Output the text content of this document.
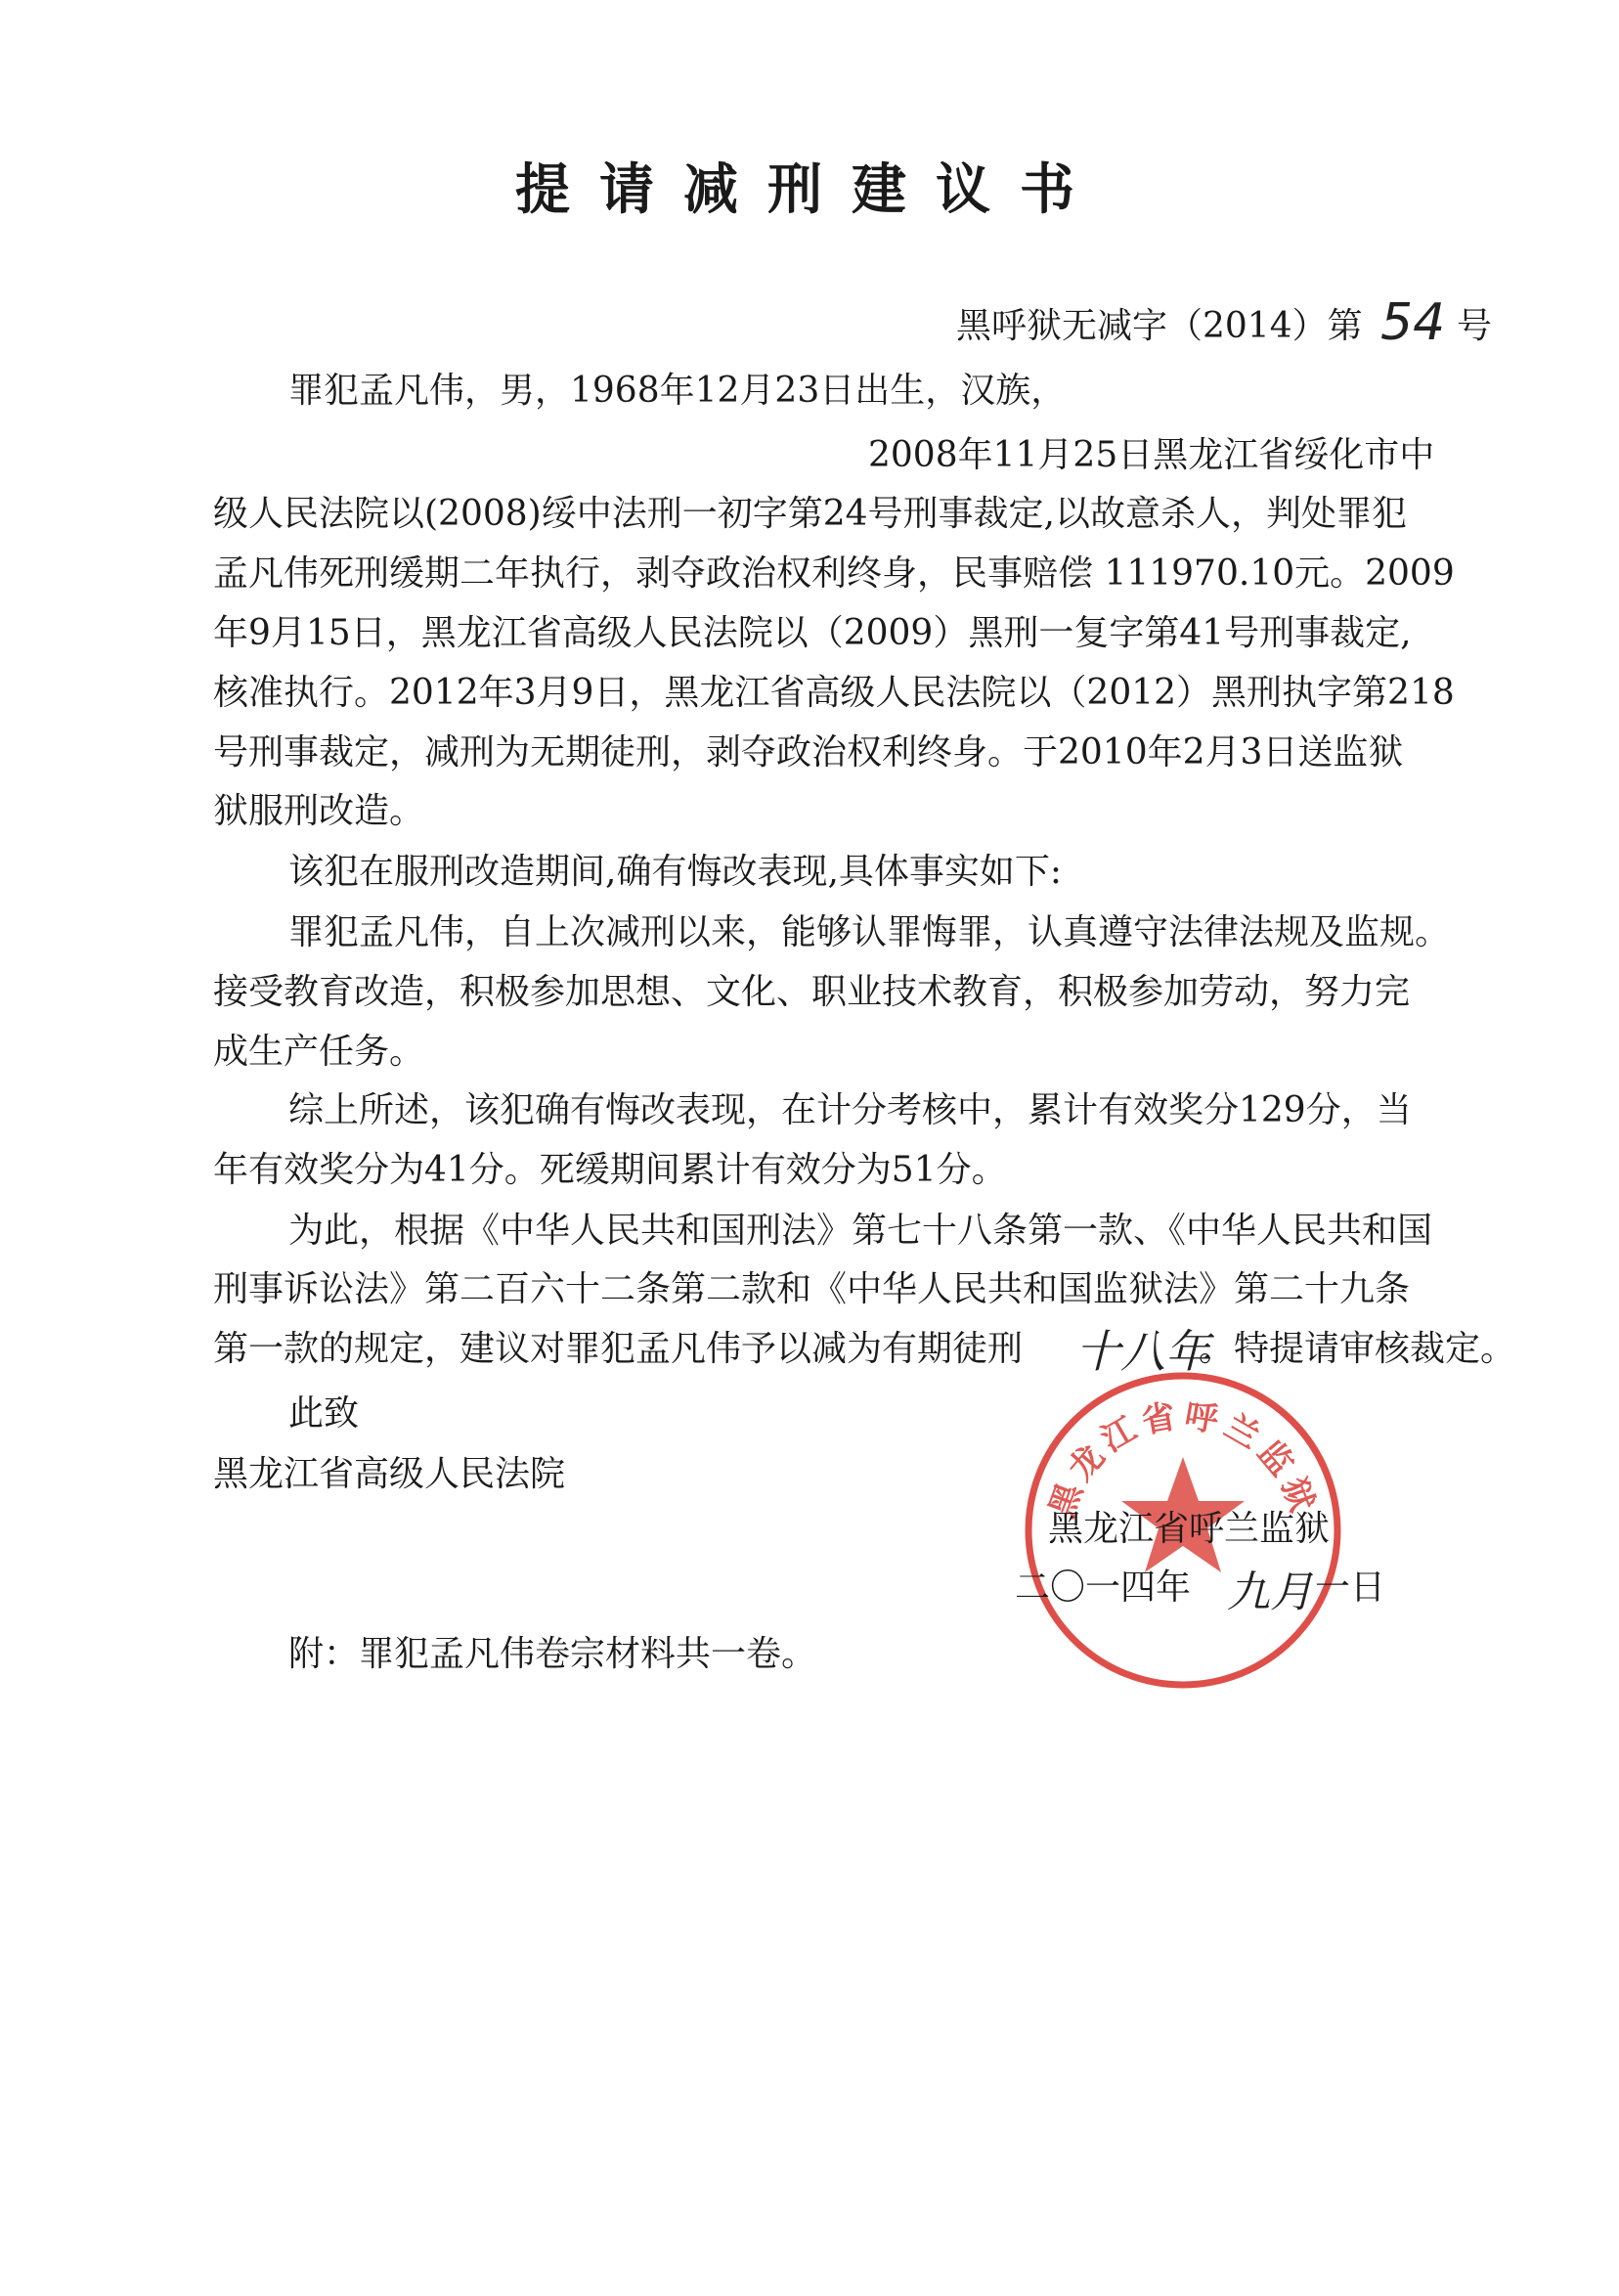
提请减刑建议书
黑呼狱无减字（2014）第 54 号
罪犯孟凡伟，男，1968年12月23日出生，汉族，
2008年11月25日黑龙江省绥化市中
级人民法院以(2008)绥中法刑一初字第24号刑事裁定,以故意杀人，判处罪犯
孟凡伟死刑缓期二年执行，剥夺政治权利终身，民事赔偿 111970.10元。2009
年9月15日，黑龙江省高级人民法院以（2009）黑刑一复字第41号刑事裁定,
核准执行。2012年3月9日，黑龙江省高级人民法院以（2012）黑刑执字第218
号刑事裁定，减刑为无期徒刑，剥夺政治权利终身。于2010年2月3日送监狱
狱服刑改造。
该犯在服刑改造期间,确有悔改表现,具体事实如下:
罪犯孟凡伟，自上次减刑以来，能够认罪悔罪，认真遵守法律法规及监规。
接受教育改造，积极参加思想、文化、职业技术教育，积极参加劳动，努力完
成生产任务。
综上所述，该犯确有悔改表现，在计分考核中，累计有效奖分129分，当
年有效奖分为41分。死缓期间累计有效分为51分。
为此，根据《中华人民共和国刑法》第七十八条第一款、《中华人民共和国
刑事诉讼法》第二百六十二条第二款和《中华人民共和国监狱法》第二十九条
第一款的规定，建议对罪犯孟凡伟予以减为有期徒刑 十八年
。特提请审核裁定。
此致
黑龙江省高级人民法院	黑龙江省呼兰监狱
黑龙江省呼兰监狱
二〇一四年 九月 一日
附：罪犯孟凡伟卷宗材料共一卷。
